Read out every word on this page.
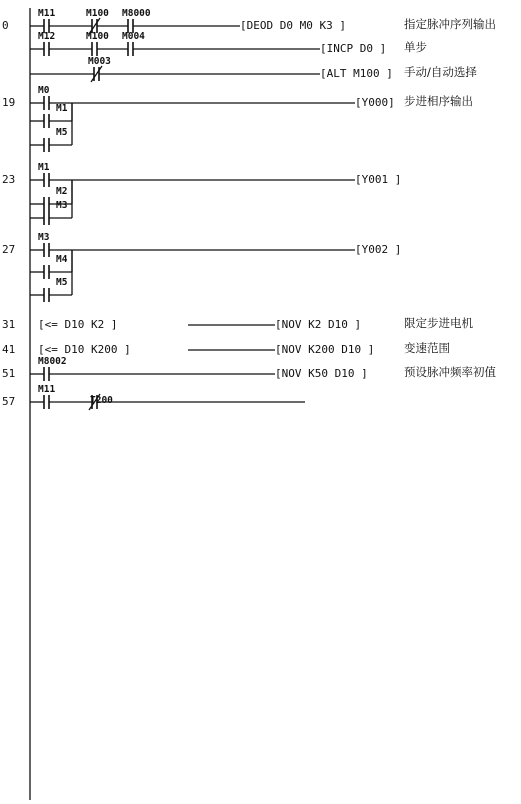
0
M11	M100 M8000
[DEOD D0 M0 K3 ]	指定脉冲序列输出
M12	M100 M004
[INCP D0 ] 单步
M003
[ALT M100 ] 手动/自动选择
19
M0
M1
M5
[Y000] 步进相序输出
23
M1
M2
M3
[Y001 ]
27
M3
M4
M5
[Y002 ]
31 [<= D10 K2 ]	[NOV K2 D10 ]	限定步进电机
41 [<= D10 K200 ]	[NOV K200 D10 ]	变速范围
51
M8002
[NOV K50 D10 ]	预设脉冲频率初值
57
M11
T200
